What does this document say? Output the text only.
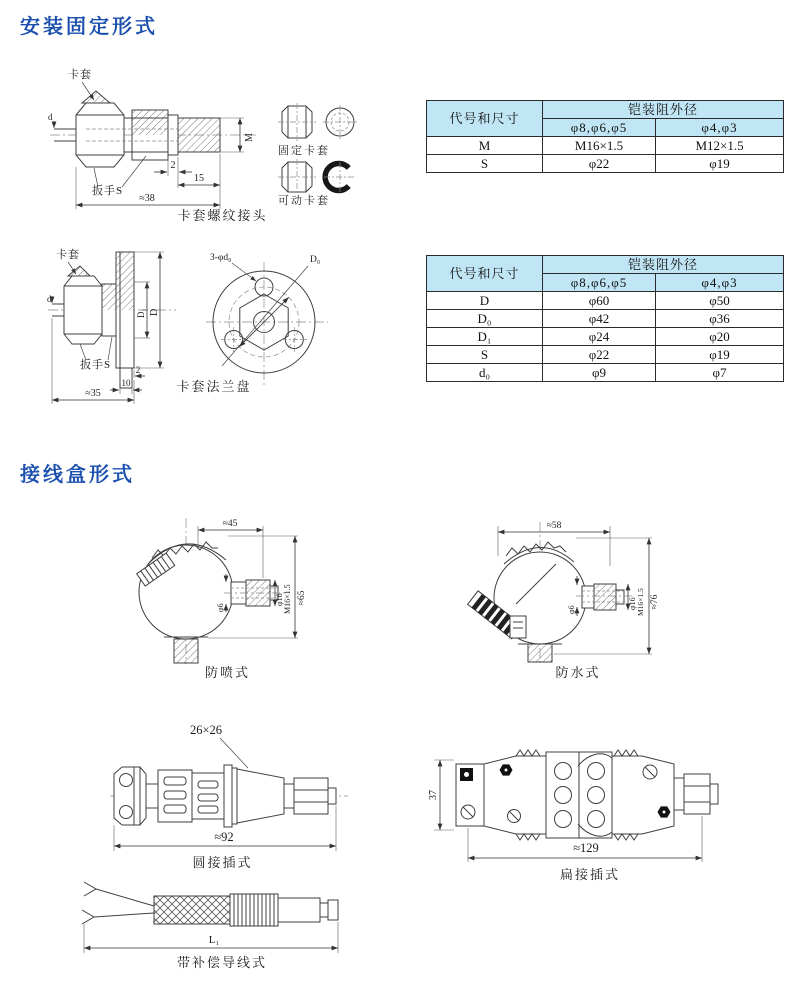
安装固定形式
卡套
d
M
2
15
≈38
扳手S
卡套螺纹接头
固定卡套
可动卡套
代号和尺寸	铠装阻外径	
	φ8,φ6,φ5	φ4,φ3
M	M16×1.5	M12×1.5
S	φ22	φ19
卡套
d
扳手S
D₁ D
2
10
≈35
3-φd₀	D₀
卡套法兰盘
代号和尺寸	铠装阻外径	
	φ8,φ6,φ5	φ4,φ3
D	φ60	φ50
D₀	φ42	φ36
D₁	φ24	φ20
S	φ22	φ19
d₀	φ9	φ7
接线盒形式
≈45
φ6
φ16 M16×1.5 ≈65
防喷式
≈58
φ6	φ16 M16×1.5 ≈76
防水式
26×26
≈92
圆接插式
37
≈129
扁接插式
L₁
带补偿导线式
